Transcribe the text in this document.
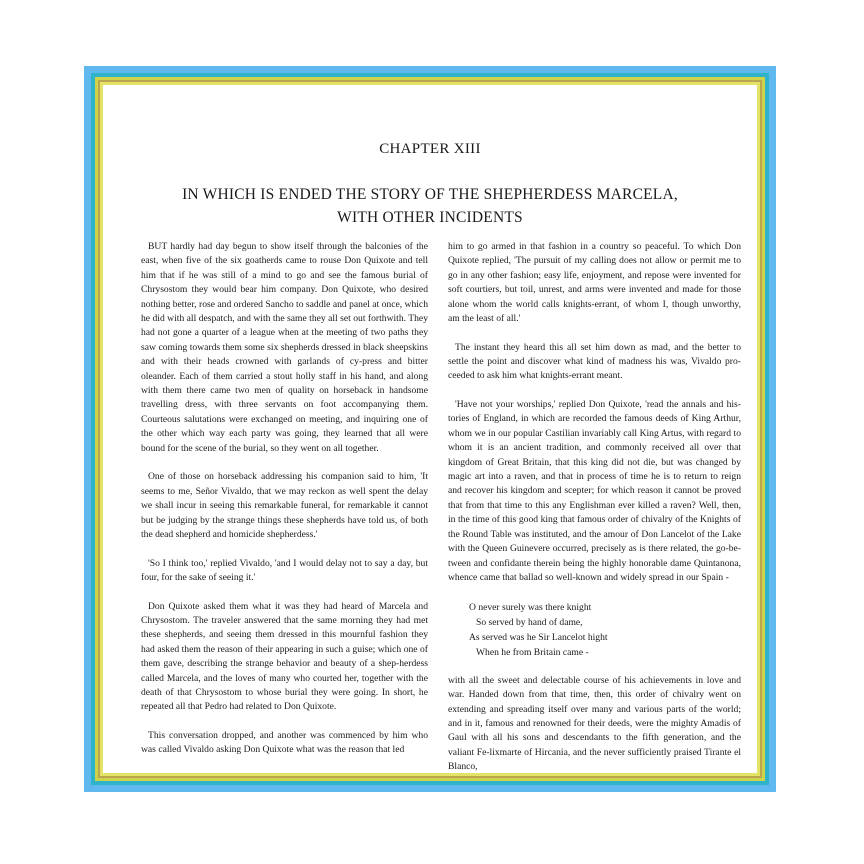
CHAPTER XIII
IN WHICH IS ENDED THE STORY OF THE SHEPHERDESS MARCELA,
WITH OTHER INCIDENTS

BUT hardly had day begun to show itself through the balconies of the east, when five of the six goatherds came to rouse Don Quixote and tell him that if he was still of a mind to go and see the famous burial of Chrysostom they would bear him company. Don Quixote, who desired nothing better, rose and ordered Sancho to saddle and panel at once, which he did with all despatch, and with the same they all set out forthwith. They had not gone a quarter of a league when at the meeting of two paths they saw coming towards them some six shepherds dressed in black sheepskins and with their heads crowned with garlands of cy-press and bitter oleander. Each of them carried a stout holly staff in his hand, and along with them there came two men of quality on horseback in handsome travelling dress, with three servants on foot accompanying them. Courteous salutations were exchanged on meeting, and inquiring one of the other which way each party was going, they learned that all were bound for the scene of the burial, so they went on all together.

One of those on horseback addressing his companion said to him, 'It seems to me, Señor Vivaldo, that we may reckon as well spent the delay we shall incur in seeing this remarkable funeral, for remarkable it cannot but be judging by the strange things these shepherds have told us, of both the dead shepherd and homicide shepherdess.'

'So I think too,' replied Vivaldo, 'and I would delay not to say a day, but four, for the sake of seeing it.'

Don Quixote asked them what it was they had heard of Marcela and Chrysostom. The traveler answered that the same morning they had met these shepherds, and seeing them dressed in this mournful fashion they had asked them the reason of their appearing in such a guise; which one of them gave, describing the strange behavior and beauty of a shep-herdess called Marcela, and the loves of many who courted her, together with the death of that Chrysostom to whose burial they were going. In short, he repeated all that Pedro had related to Don Quixote.

This conversation dropped, and another was commenced by him who was called Vivaldo asking Don Quixote what was the reason that led

him to go armed in that fashion in a country so peaceful. To which Don Quixote replied, 'The pursuit of my calling does not allow or permit me to go in any other fashion; easy life, enjoyment, and repose were invented for soft courtiers, but toil, unrest, and arms were invented and made for those alone whom the world calls knights-errant, of whom I, though unworthy, am the least of all.'

The instant they heard this all set him down as mad, and the better to settle the point and discover what kind of madness his was, Vivaldo pro-ceeded to ask him what knights-errant meant.

'Have not your worships,' replied Don Quixote, 'read the annals and his-tories of England, in which are recorded the famous deeds of King Arthur, whom we in our popular Castilian invariably call King Artus, with regard to whom it is an ancient tradition, and commonly received all over that kingdom of Great Britain, that this king did not die, but was changed by magic art into a raven, and that in process of time he is to return to reign and recover his kingdom and scepter; for which reason it cannot be proved that from that time to this any Englishman ever killed a raven? Well, then, in the time of this good king that famous order of chivalry of the Knights of the Round Table was instituted, and the amour of Don Lancelot of the Lake with the Queen Guinevere occurred, precisely as is there related, the go-be-tween and confidante therein being the highly honorable dame Quintanona, whence came that ballad so well-known and widely spread in our Spain -

O never surely was there knight
So served by hand of dame,
As served was he Sir Lancelot hight
When he from Britain came -

with all the sweet and delectable course of his achievements in love and war. Handed down from that time, then, this order of chivalry went on extending and spreading itself over many and various parts of the world; and in it, famous and renowned for their deeds, were the mighty Amadis of Gaul with all his sons and descendants to the fifth generation, and the valiant Fe-lixmarte of Hircania, and the never sufficiently praised Tirante el Blanco,
